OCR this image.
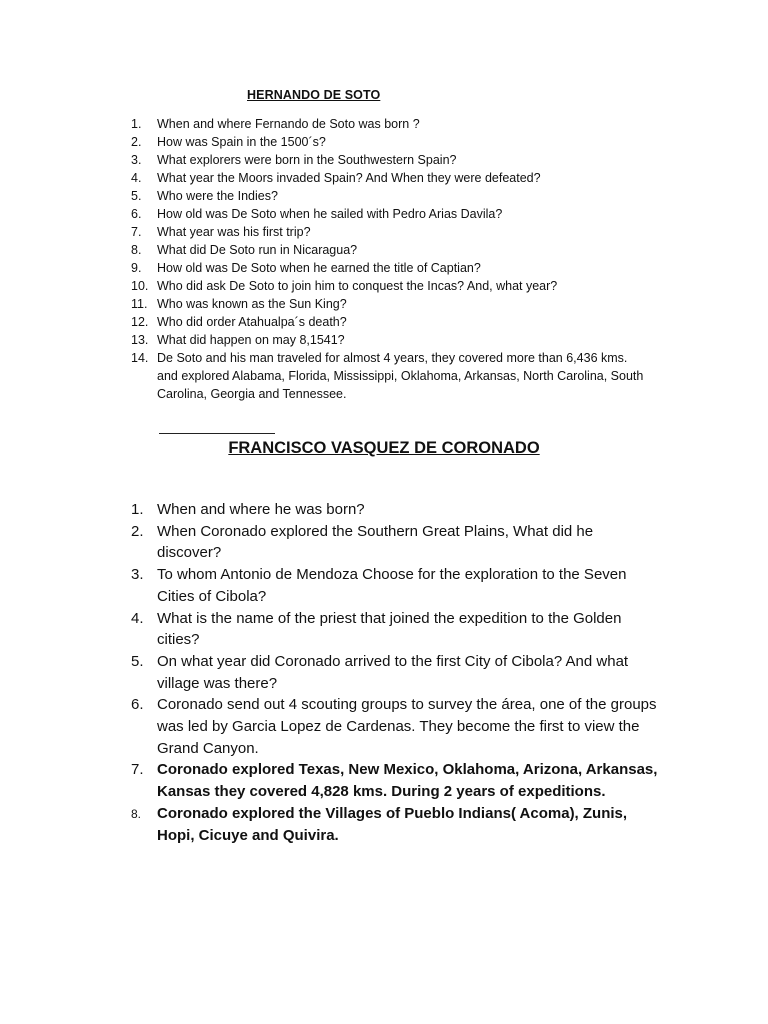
HERNANDO DE SOTO
1. When and where Fernando de Soto was born ?
2. How was Spain in the 1500´s?
3. What explorers were born in the Southwestern Spain?
4. What year the Moors invaded Spain? And When they were defeated?
5. Who were the Indies?
6. How old was De Soto when he sailed with Pedro Arias Davila?
7. What year was his first trip?
8. What did De Soto run in Nicaragua?
9. How old was De Soto when he earned the title of Captian?
10. Who did ask De Soto to join him to conquest the Incas? And, what year?
11. Who was known as the Sun King?
12. Who did order Atahualpa´s death?
13. What did happen on may 8,1541?
14. De Soto and his man traveled for almost 4 years, they covered more than 6,436 kms. and explored Alabama, Florida, Mississippi, Oklahoma, Arkansas, North Carolina, South Carolina, Georgia and Tennessee.
FRANCISCO VASQUEZ DE CORONADO
1. When and where he was born?
2. When Coronado explored the Southern Great Plains, What did he discover?
3. To whom Antonio de Mendoza Choose for the exploration to the Seven Cities of Cibola?
4. What is the name of the priest that joined the expedition to the Golden cities?
5. On what year did Coronado arrived to the first City of Cibola? And what village was there?
6. Coronado send out 4 scouting groups to survey the área, one of the groups was led by Garcia Lopez de Cardenas. They become the first to view the Grand Canyon.
7. Coronado explored Texas, New Mexico, Oklahoma, Arizona, Arkansas, Kansas they covered 4,828 kms. During 2 years of expeditions.
8. Coronado explored the Villages of Pueblo Indians( Acoma), Zunis, Hopi, Cicuye and Quivira.
